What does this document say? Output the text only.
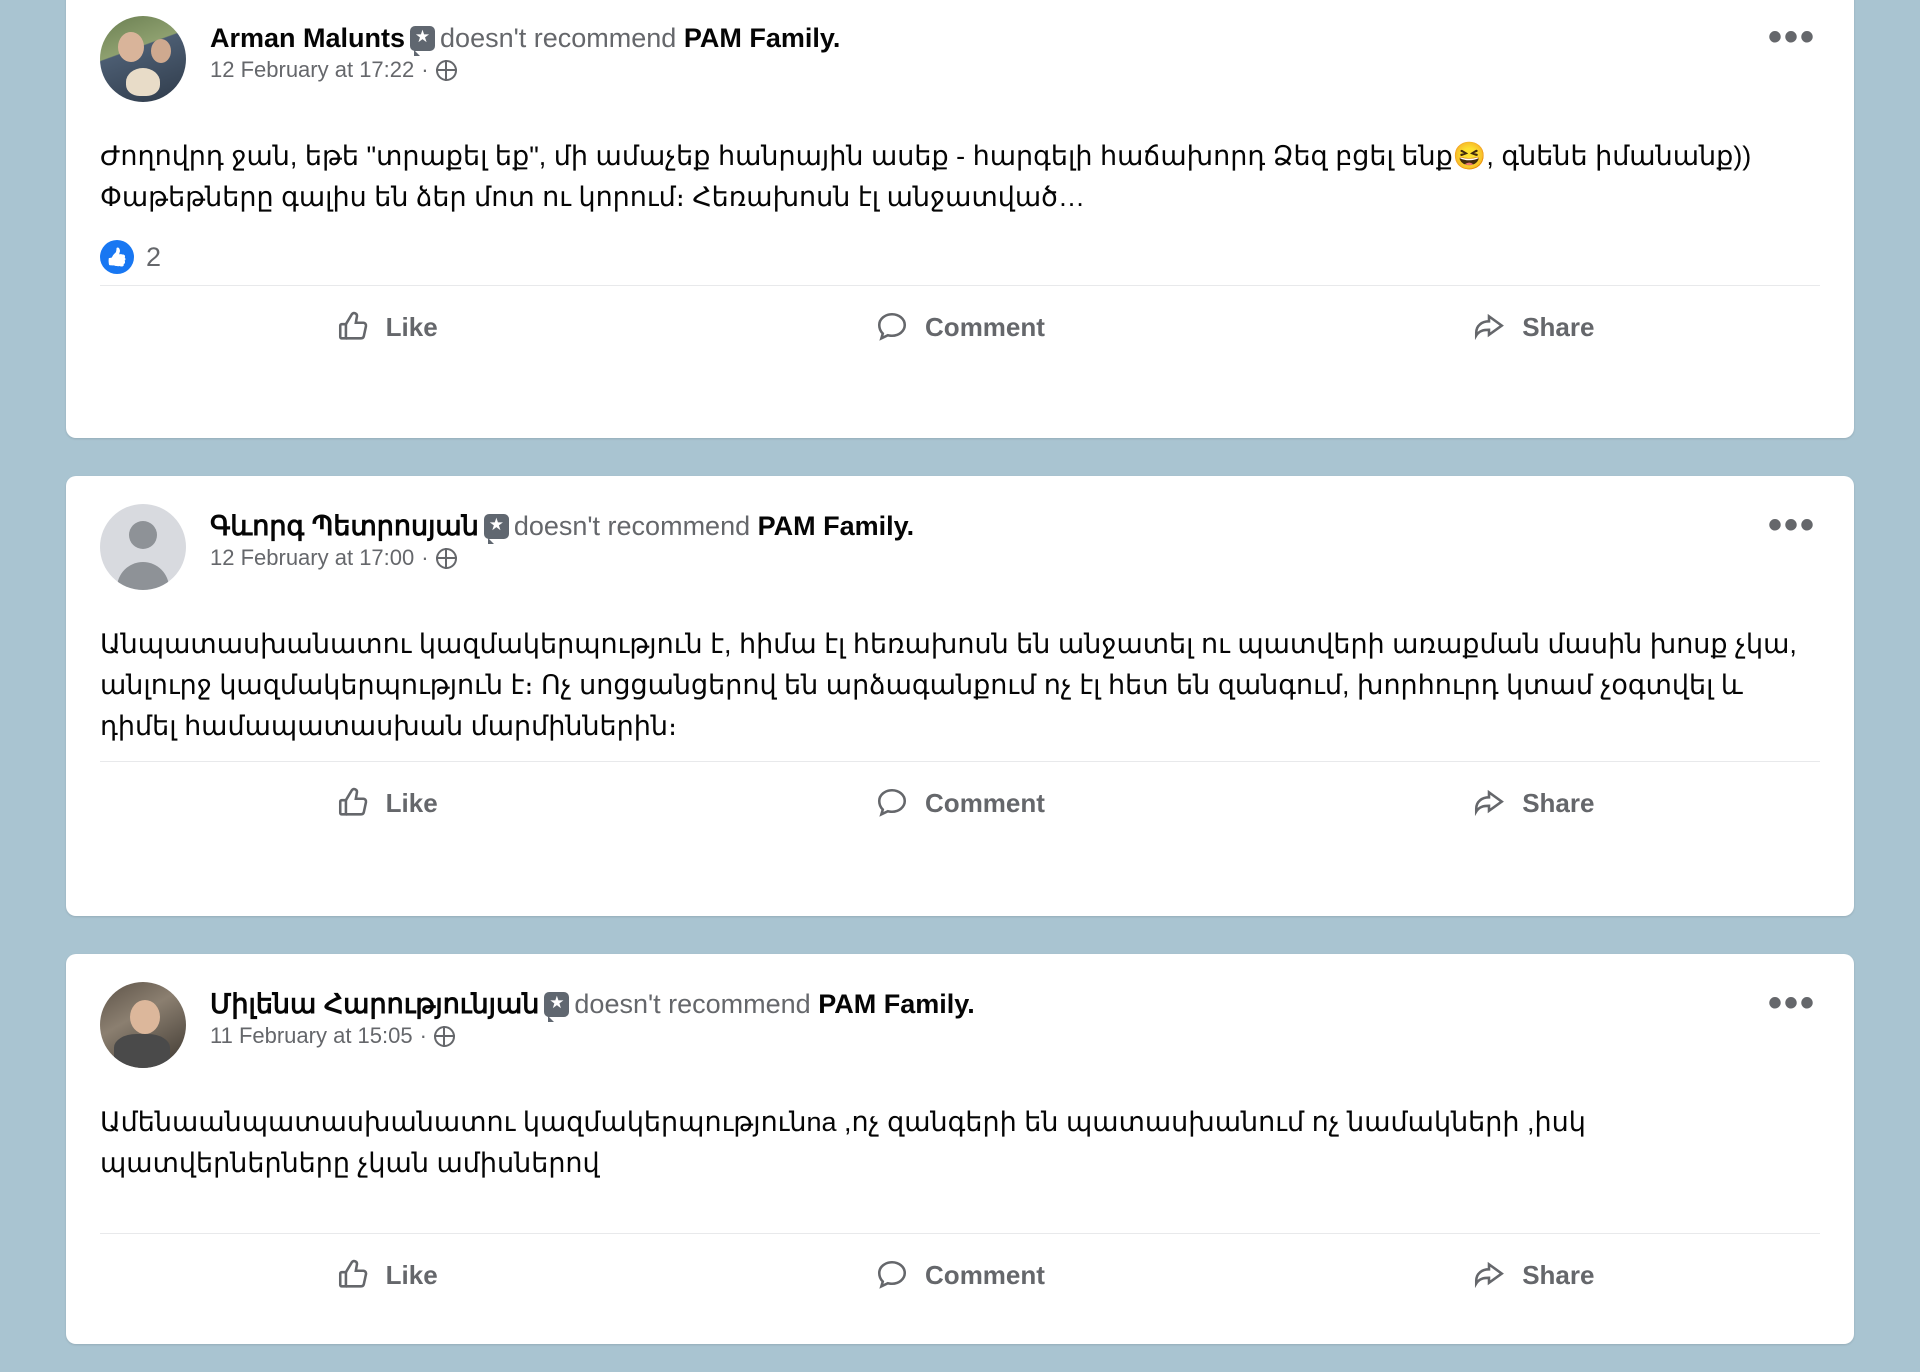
Arman Malunts ★ doesn't recommend PAM Family.
12 February at 17:22 ·
•••
Ժողովրդ ջան, եթե "տրաքել եք", մի ամաչեք հանրային ասեք - հարգելի հաճախորդ Ձեզ բցել ենք😆, գնենե իմանանք)) Փաթեթները գալիս են ձեր մոտ ու կորում։ Հեռախոսն էլ անջատված…
👍
2
Like	Comment	Share
Գևորգ Պետրոսյան ★ doesn't recommend PAM Family.
12 February at 17:00 ·
•••
Անպատասխանատու կազմակերպություն է, հիմա էլ հեռախոսն են անջատել ու պատվերի առաքման մասին խոսք չկա, անլուրջ կազմակերպություն է։ Ոչ սոցցանցերով են արձագանքում ոչ էլ հետ են զանգում, խորհուրդ կտամ չօգտվել և դիմել համապատասխան մարմիններին։
Like	Comment	Share
Միլենա Հարությունյան ★ doesn't recommend PAM Family.
11 February at 15:05 ·
•••
Ամենաանպատասխանատու կազմակերպությունna ,ոչ զանգերի են պատասխանում ոչ նամակների ,իսկ պատվերներները չկան ամիսներով
Like	Comment	Share
